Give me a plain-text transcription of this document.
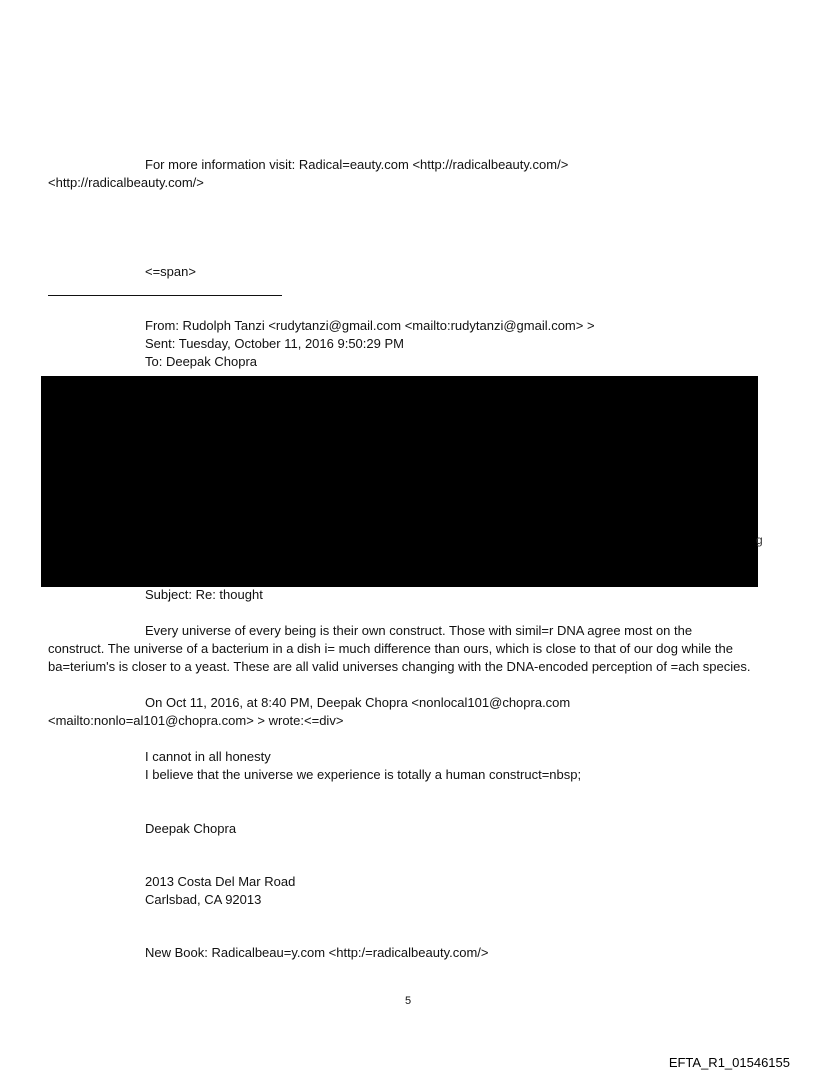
For more information visit: Radical=eauty.com <http://radicalbeauty.com/>
<http://radicalbeauty.com/>
<=span>
From: Rudolph Tanzi <rudytanzi@gmail.com <mailto:rudytanzi@gmail.com> >
Sent: Tuesday, October 11, 2016 9:50:29 PM
To: Deepak Chopra
g
Subject: Re: thought
Every universe of every being is their own construct. Those with simil=r DNA agree most on the
construct. The universe of a bacterium in a dish i= much difference than ours, which is close to that of our dog while the
ba=terium's is closer to a yeast. These are all valid universes changing with the DNA-encoded perception of =ach species.
On Oct 11, 2016, at 8:40 PM, Deepak Chopra <nonlocal101@chopra.com
<mailto:nonlo=al101@chopra.com> > wrote:<=div>
I cannot in all honesty
I believe that the universe we experience is totally a human construct=nbsp;
Deepak Chopra
2013 Costa Del Mar Road
Carlsbad, CA 92013
New Book: Radicalbeau=y.com <http:/=radicalbeauty.com/>
5
EFTA_R1_01546155
